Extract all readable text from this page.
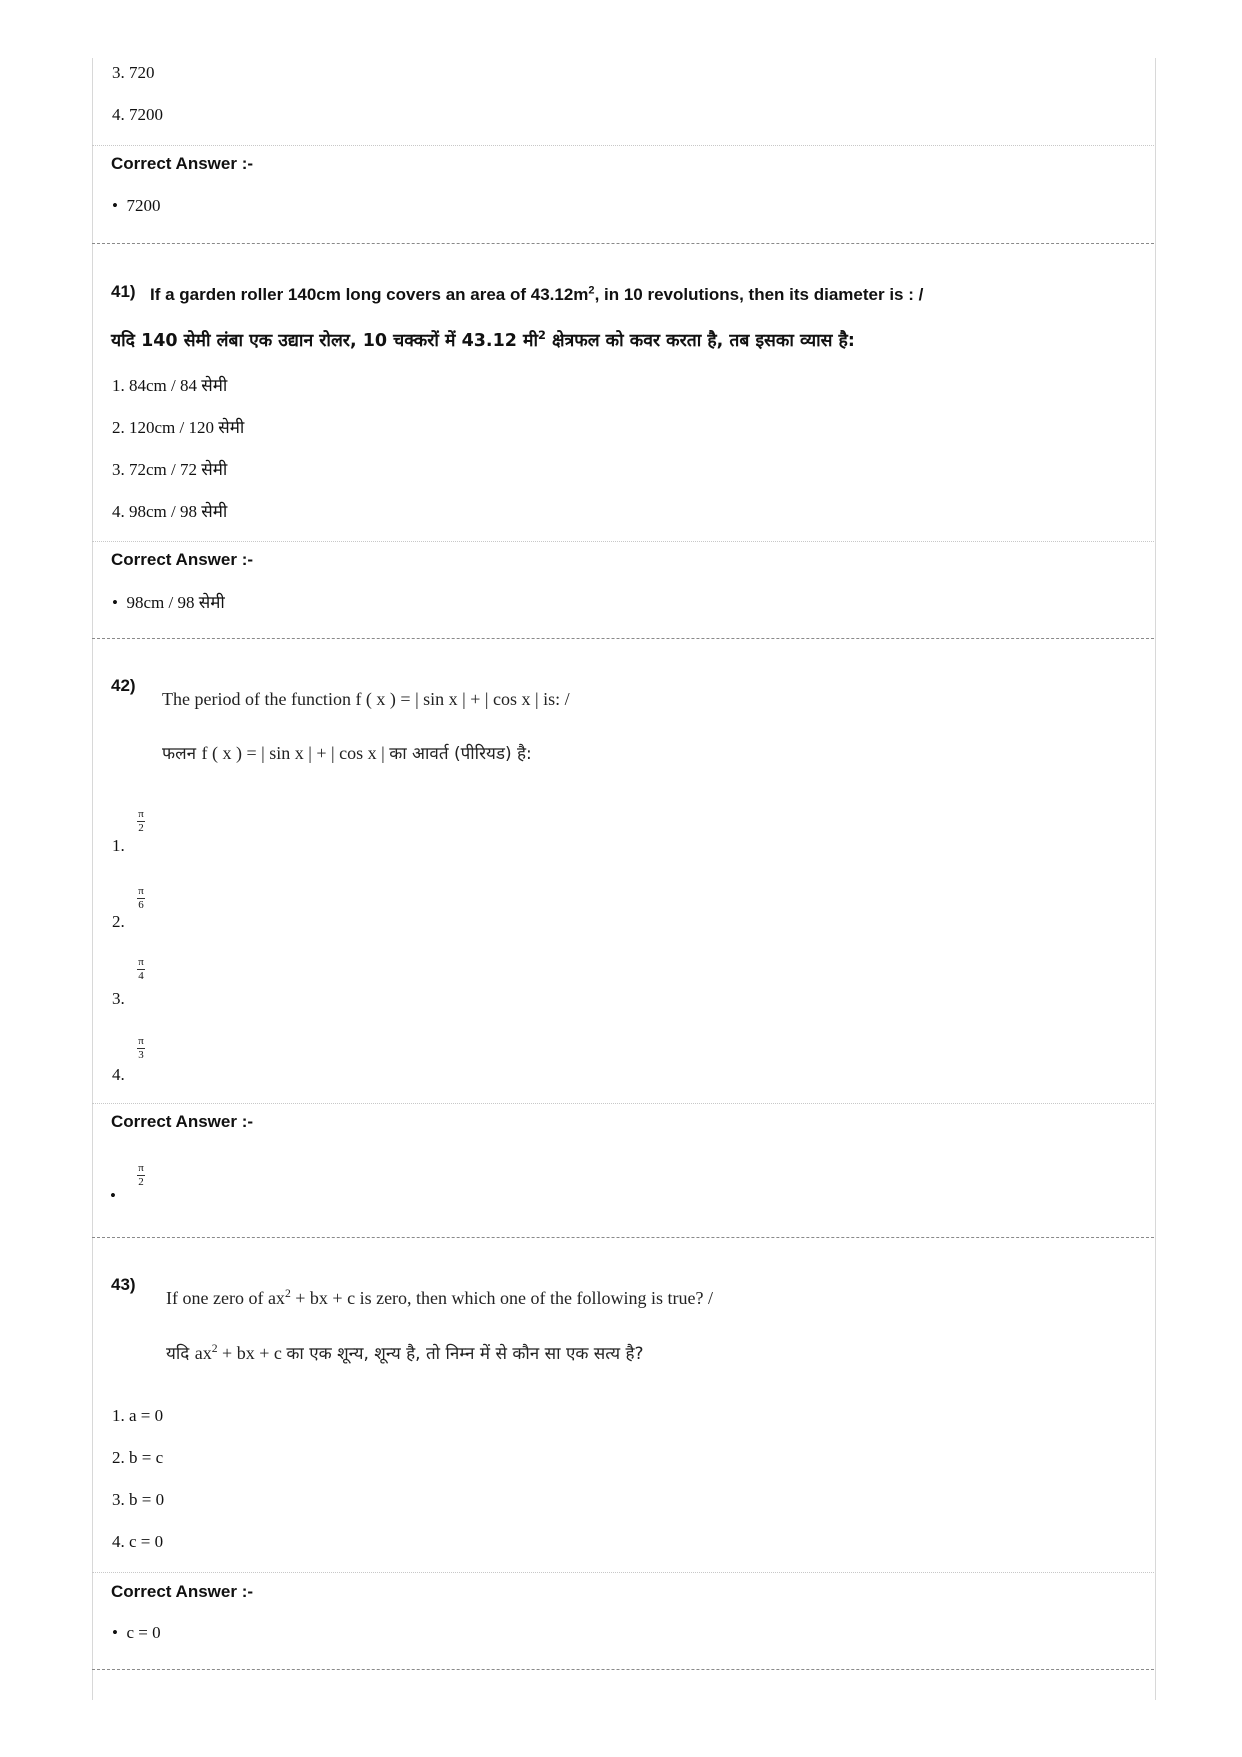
3. 720
4. 7200
Correct Answer :-
• 7200
41) If a garden roller 140cm long covers an area of $43.12m^2$, in 10 revolutions, then its diameter is : /
यदि 140 सेमी लंबा एक उद्यान रोलर, 10 चक्करों में 43.12 मी$^2$ क्षेत्रफल को कवर करता है, तब इसका व्यास है:
1. 84cm / 84 सेमी
2. 120cm / 120 सेमी
3. 72cm / 72 सेमी
4. 98cm / 98 सेमी
Correct Answer :-
• 98cm / 98 सेमी
42)
The period of the function f ( x ) = | sin x | + | cos x | is: /
फलन f ( x ) = | sin x | + | cos x | का आवर्त (पीरियड) है:
1.
π
2
2.
π
6
3.
π
4
4.
π
3
Correct Answer :-
•
π
2
43)
If one zero of $ax^2$ + bx + c is zero, then which one of the following is true? /
यदि $ax^2$ + bx + c का एक शून्य, शून्य है, तो निम्न में से कौन सा एक सत्य है?
1. a = 0
2. b = c
3. b = 0
4. c = 0
Correct Answer :-
• c = 0
